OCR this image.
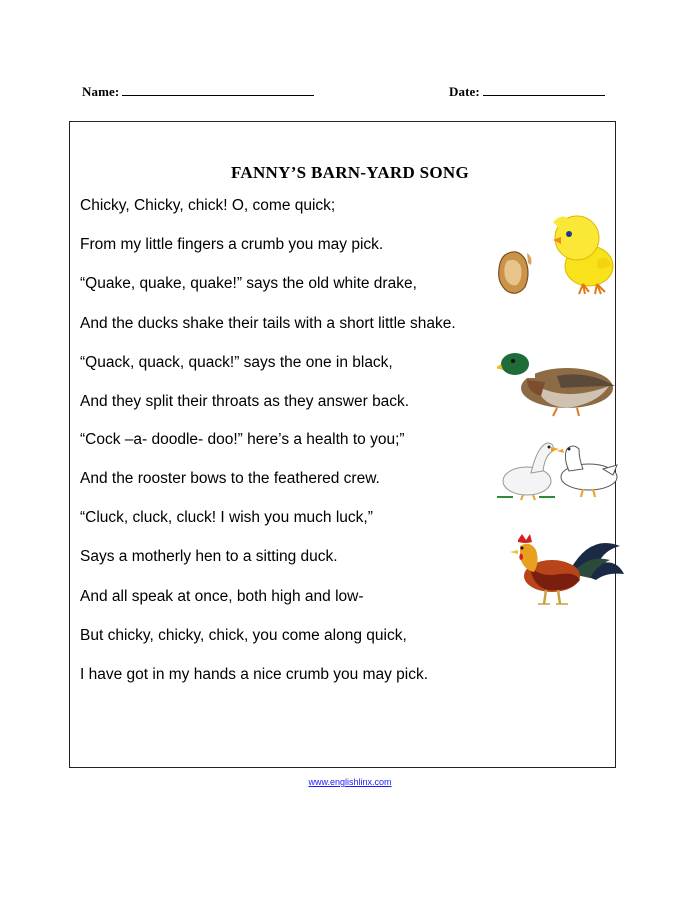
Name:	Date:
FANNY’S BARN-YARD SONG
Chicky, Chicky, chick! O, come quick;
From my little fingers a crumb you may pick.
“Quake, quake, quake!” says the old white drake,
And the ducks shake their tails with a short little shake.
“Quack, quack, quack!” says the one in black,
And they split their throats as they answer back.
“Cock –a- doodle- doo!” here’s a health to you;”
And the rooster bows to the feathered crew.
“Cluck, cluck, cluck! I wish you much luck,”
Says a motherly hen to a sitting duck.
And all speak at once, both high and low-
But chicky, chicky, chick, you come along quick,
I have got in my hands a nice crumb you may pick.
www.englishlinx.com
